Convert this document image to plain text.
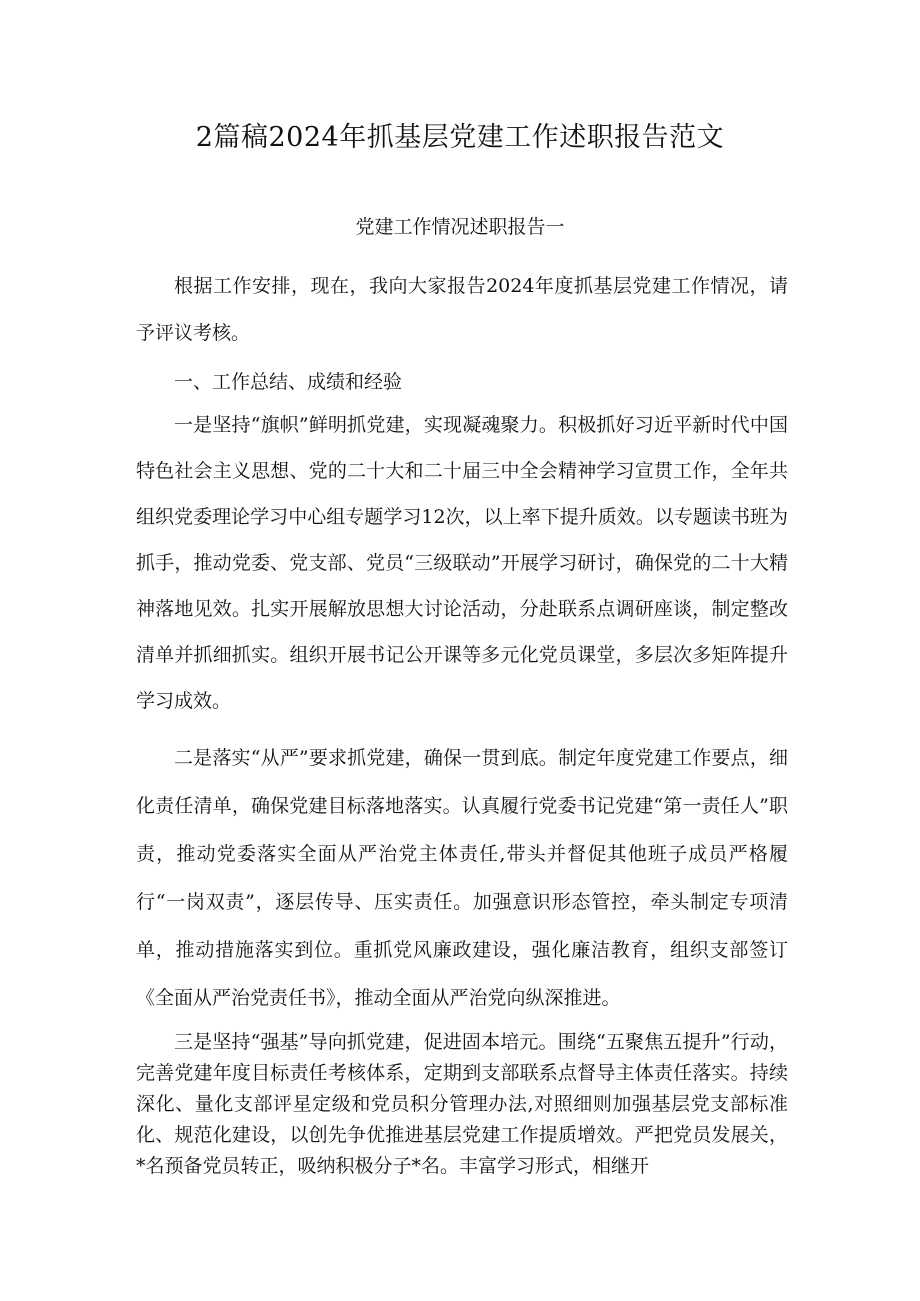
2篇稿2024年抓基层党建工作述职报告范文
党建工作情况述职报告一
根据工作安排，现在，我向大家报告2024年度抓基层党建工作情况，请予评议考核。
一、工作总结、成绩和经验
一是坚持“旗帜”鲜明抓党建，实现凝魂聚力。积极抓好习近平新时代中国特色社会主义思想、党的二十大和二十届三中全会精神学习宣贯工作，全年共组织党委理论学习中心组专题学习12次，以上率下提升质效。以专题读书班为抓手，推动党委、党支部、党员“三级联动”开展学习研讨，确保党的二十大精神落地见效。扎实开展解放思想大讨论活动，分赴联系点调研座谈，制定整改清单并抓细抓实。组织开展书记公开课等多元化党员课堂，多层次多矩阵提升学习成效。
二是落实“从严”要求抓党建，确保一贯到底。制定年度党建工作要点，细化责任清单，确保党建目标落地落实。认真履行党委书记党建“第一责任人”职责，推动党委落实全面从严治党主体责任,带头并督促其他班子成员严格履行“一岗双责”，逐层传导、压实责任。加强意识形态管控，牵头制定专项清单，推动措施落实到位。重抓党风廉政建设，强化廉洁教育，组织支部签订《全面从严治党责任书》，推动全面从严治党向纵深推进。
三是坚持“强基”导向抓党建，促进固本培元。围绕“五聚焦五提升”行动，完善党建年度目标责任考核体系，定期到支部联系点督导主体责任落实。持续深化、量化支部评星定级和党员积分管理办法,对照细则加强基层党支部标准化、规范化建设，以创先争优推进基层党建工作提质增效。严把党员发展关，*名预备党员转正，吸纳积极分子*名。丰富学习形式，相继开
